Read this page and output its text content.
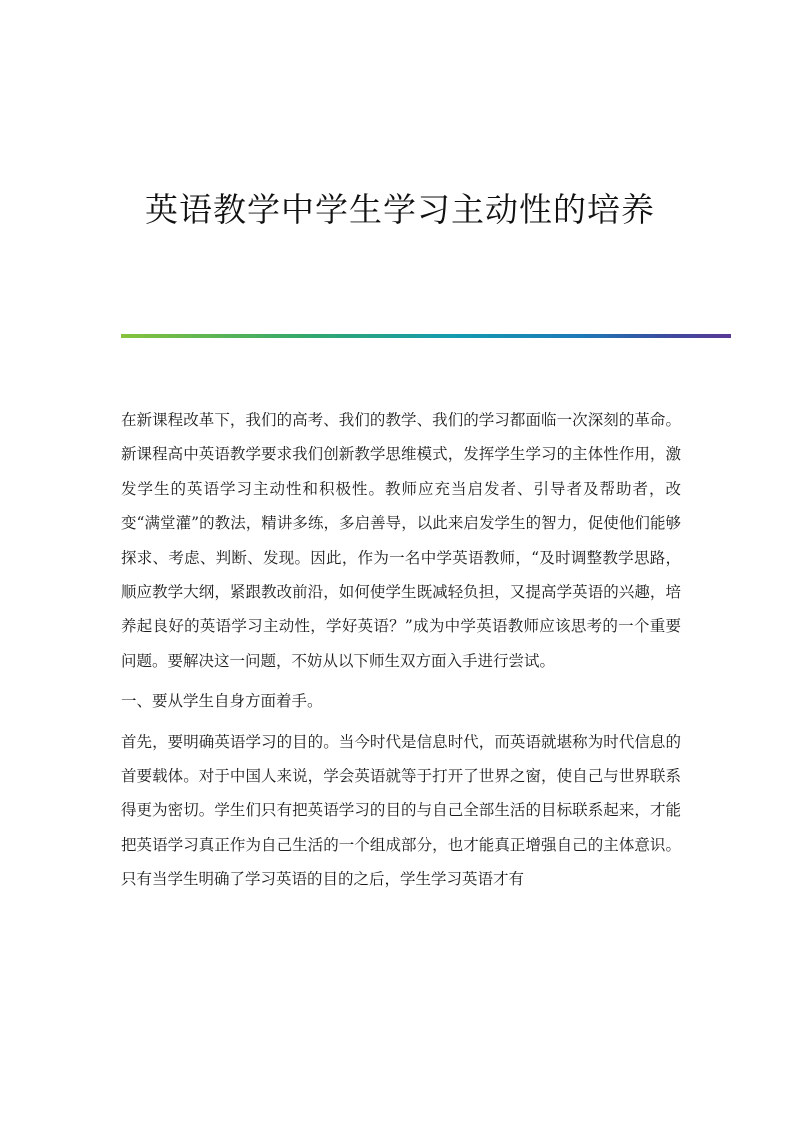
英语教学中学生学习主动性的培养

在新课程改革下，我们的高考、我们的教学、我们的学习都面临一次深刻的革命。新课程高中英语教学要求我们创新教学思维模式，发挥学生学习的主体性作用，激发学生的英语学习主动性和积极性。教师应充当启发者、引导者及帮助者，改变“满堂灌”的教法，精讲多练，多启善导，以此来启发学生的智力，促使他们能够探求、考虑、判断、发现。因此，作为一名中学英语教师，“及时调整教学思路，顺应教学大纲，紧跟教改前沿，如何使学生既减轻负担，又提高学英语的兴趣，培养起良好的英语学习主动性，学好英语？”成为中学英语教师应该思考的一个重要问题。要解决这一问题，不妨从以下师生双方面入手进行尝试。

一、要从学生自身方面着手。

首先，要明确英语学习的目的。当今时代是信息时代，而英语就堪称为时代信息的首要载体。对于中国人来说，学会英语就等于打开了世界之窗，使自己与世界联系得更为密切。学生们只有把英语学习的目的与自己全部生活的目标联系起来，才能把英语学习真正作为自己生活的一个组成部分，也才能真正增强自己的主体意识。只有当学生明确了学习英语的目的之后，学生学习英语才有
